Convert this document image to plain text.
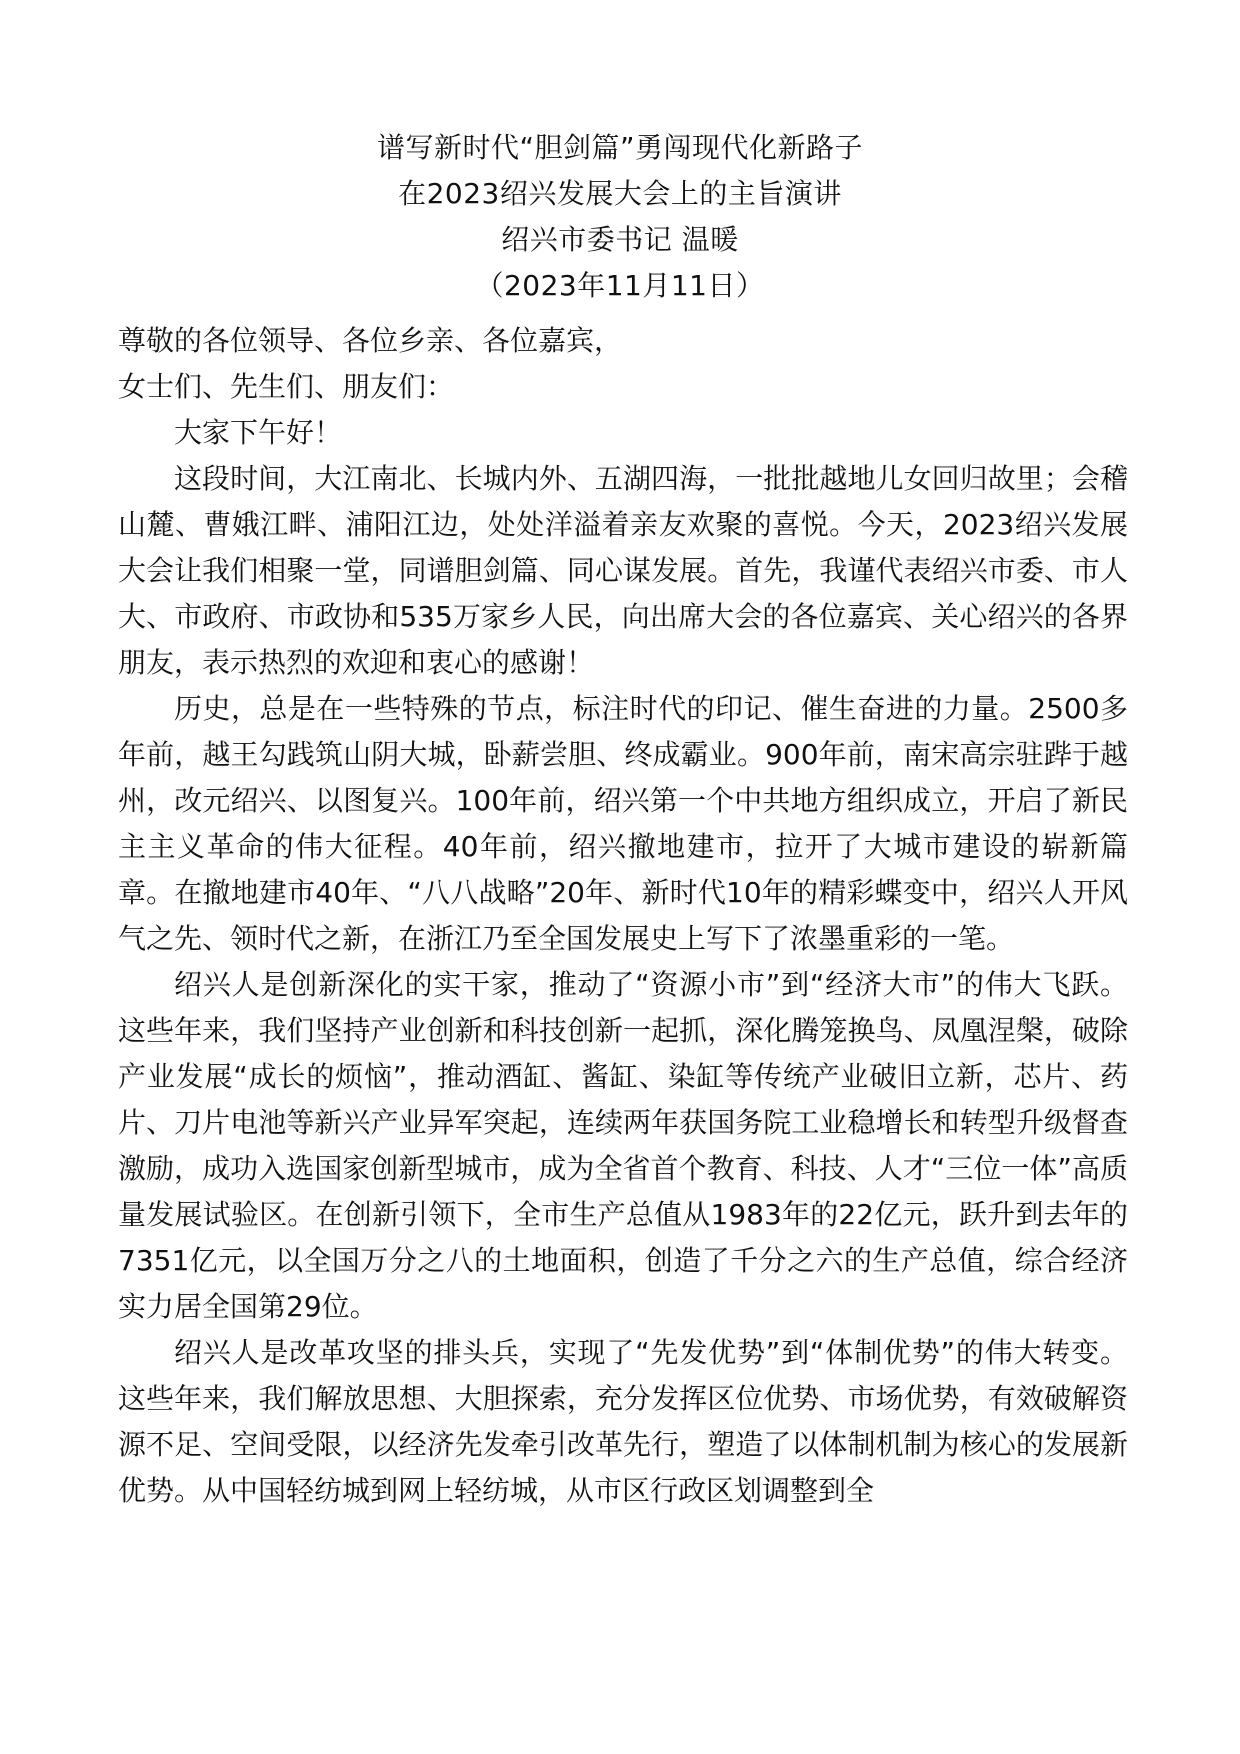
谱写新时代“胆剑篇”勇闯现代化新路子
在2023绍兴发展大会上的主旨演讲
绍兴市委书记 温暖
（2023年11月11日）

尊敬的各位领导、各位乡亲、各位嘉宾，

女士们、先生们、朋友们：

大家下午好！

这段时间，大江南北、长城内外、五湖四海，一批批越地儿女回归故里；会稽山麓、曹娥江畔、浦阳江边，处处洋溢着亲友欢聚的喜悦。今天，2023绍兴发展大会让我们相聚一堂，同谱胆剑篇、同心谋发展。首先，我谨代表绍兴市委、市人大、市政府、市政协和535万家乡人民，向出席大会的各位嘉宾、关心绍兴的各界朋友，表示热烈的欢迎和衷心的感谢！

历史，总是在一些特殊的节点，标注时代的印记、催生奋进的力量。2500多年前，越王勾践筑山阴大城，卧薪尝胆、终成霸业。900年前，南宋高宗驻跸于越州，改元绍兴、以图复兴。100年前，绍兴第一个中共地方组织成立，开启了新民主主义革命的伟大征程。40年前，绍兴撤地建市，拉开了大城市建设的崭新篇章。在撤地建市40年、“八八战略”20年、新时代10年的精彩蝶变中，绍兴人开风气之先、领时代之新，在浙江乃至全国发展史上写下了浓墨重彩的一笔。

绍兴人是创新深化的实干家，推动了“资源小市”到“经济大市”的伟大飞跃。这些年来，我们坚持产业创新和科技创新一起抓，深化腾笼换鸟、凤凰涅槃，破除产业发展“成长的烦恼”，推动酒缸、酱缸、染缸等传统产业破旧立新，芯片、药片、刀片电池等新兴产业异军突起，连续两年获国务院工业稳增长和转型升级督查激励，成功入选国家创新型城市，成为全省首个教育、科技、人才“三位一体”高质量发展试验区。在创新引领下，全市生产总值从1983年的22亿元，跃升到去年的7351亿元，以全国万分之八的土地面积，创造了千分之六的生产总值，综合经济实力居全国第29位。

绍兴人是改革攻坚的排头兵，实现了“先发优势”到“体制优势”的伟大转变。这些年来，我们解放思想、大胆探索，充分发挥区位优势、市场优势，有效破解资源不足、空间受限，以经济先发牵引改革先行，塑造了以体制机制为核心的发展新优势。从中国轻纺城到网上轻纺城，从市区行政区划调整到全
